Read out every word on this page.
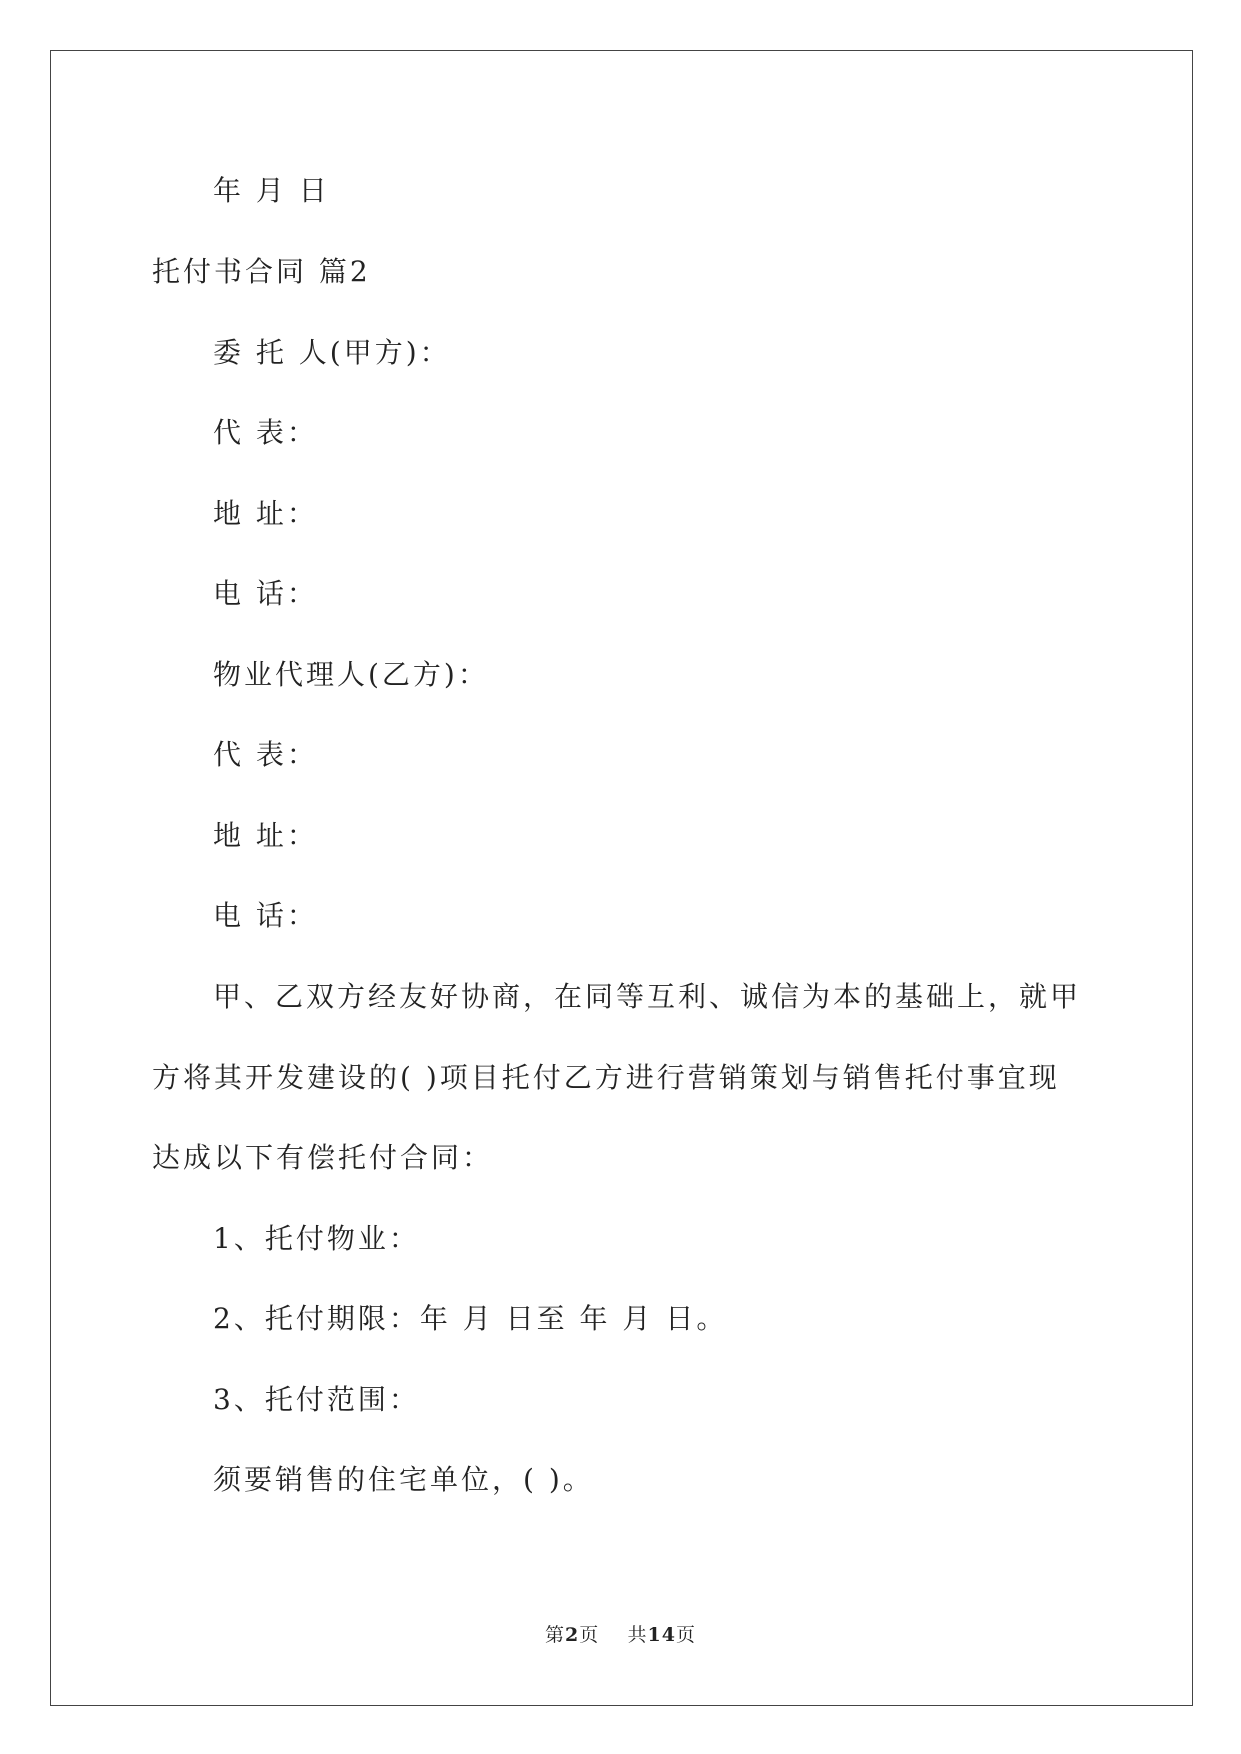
年 月 日

托付书合同 篇2

委 托 人(甲方)：

代 表：

地 址：

电 话：

物业代理人(乙方)：

代 表：

地 址：

电 话：

甲、乙双方经友好协商，在同等互利、诚信为本的基础上，就甲

方将其开发建设的( )项目托付乙方进行营销策划与销售托付事宜现

达成以下有偿托付合同：

1、托付物业：

2、托付期限：年 月 日至 年 月 日。

3、托付范围：

须要销售的住宅单位，( )。

第2页 共14页
